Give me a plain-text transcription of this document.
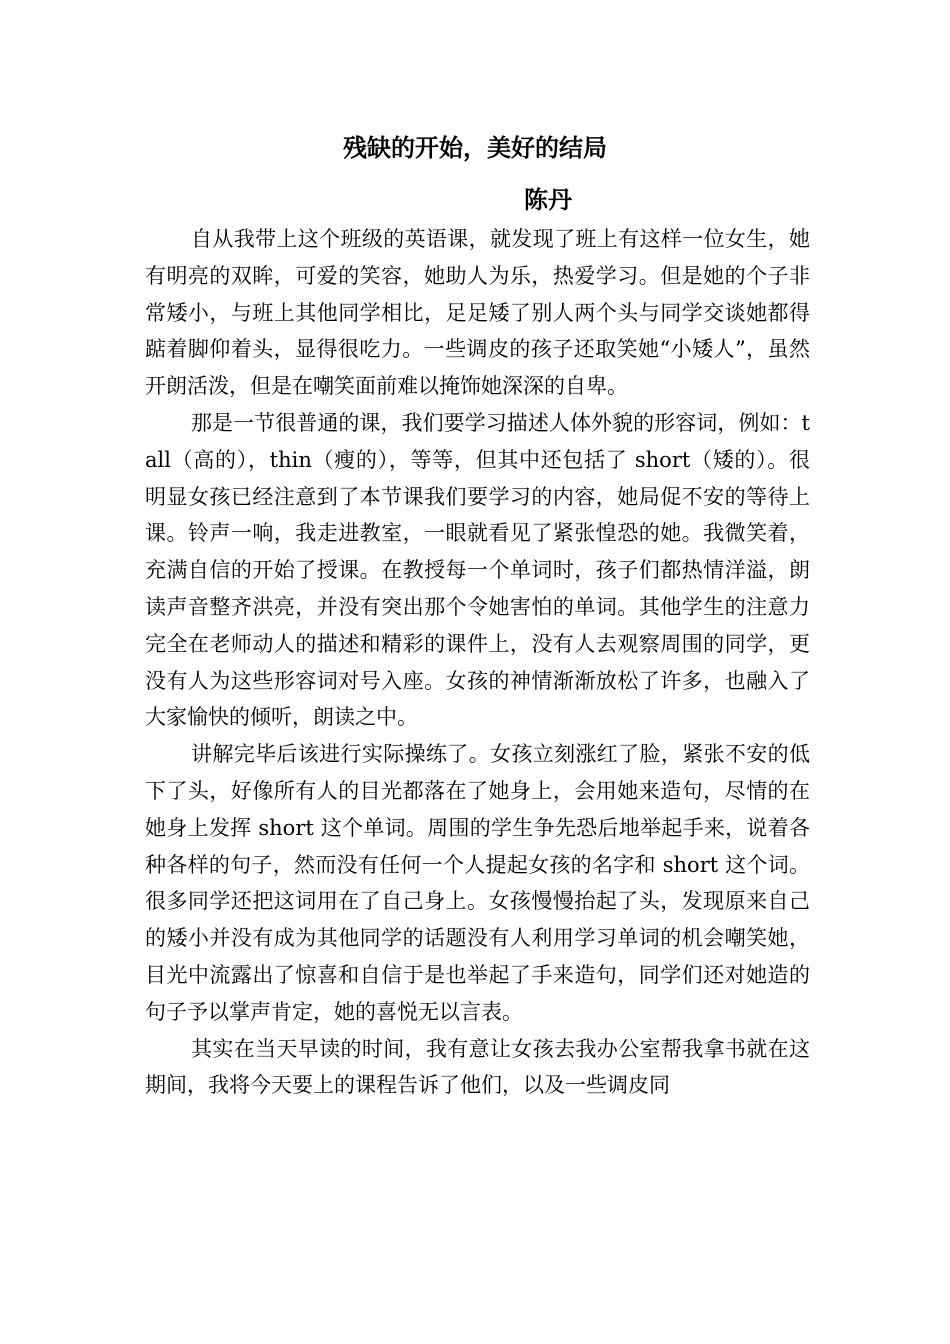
残缺的开始，美好的结局
陈丹

自从我带上这个班级的英语课，就发现了班上有这样一位女生，她有明亮的双眸，可爱的笑容，她助人为乐，热爱学习。但是她的个子非常矮小，与班上其他同学相比，足足矮了别人两个头与同学交谈她都得踮着脚仰着头，显得很吃力。一些调皮的孩子还取笑她“小矮人”，虽然开朗活泼，但是在嘲笑面前难以掩饰她深深的自卑。

那是一节很普通的课，我们要学习描述人体外貌的形容词，例如：tall（高的），thin（瘦的），等等，但其中还包括了 short（矮的）。很明显女孩已经注意到了本节课我们要学习的内容，她局促不安的等待上课。铃声一响，我走进教室，一眼就看见了紧张惶恐的她。我微笑着，充满自信的开始了授课。在教授每一个单词时，孩子们都热情洋溢，朗读声音整齐洪亮，并没有突出那个令她害怕的单词。其他学生的注意力完全在老师动人的描述和精彩的课件上，没有人去观察周围的同学，更没有人为这些形容词对号入座。女孩的神情渐渐放松了许多，也融入了大家愉快的倾听，朗读之中。

讲解完毕后该进行实际操练了。女孩立刻涨红了脸，紧张不安的低下了头，好像所有人的目光都落在了她身上，会用她来造句，尽情的在她身上发挥 short 这个单词。周围的学生争先恐后地举起手来，说着各种各样的句子，然而没有任何一个人提起女孩的名字和 short 这个词。很多同学还把这词用在了自己身上。女孩慢慢抬起了头，发现原来自己的矮小并没有成为其他同学的话题没有人利用学习单词的机会嘲笑她，目光中流露出了惊喜和自信于是也举起了手来造句，同学们还对她造的句子予以掌声肯定，她的喜悦无以言表。

其实在当天早读的时间，我有意让女孩去我办公室帮我拿书就在这期间，我将今天要上的课程告诉了他们，以及一些调皮同
